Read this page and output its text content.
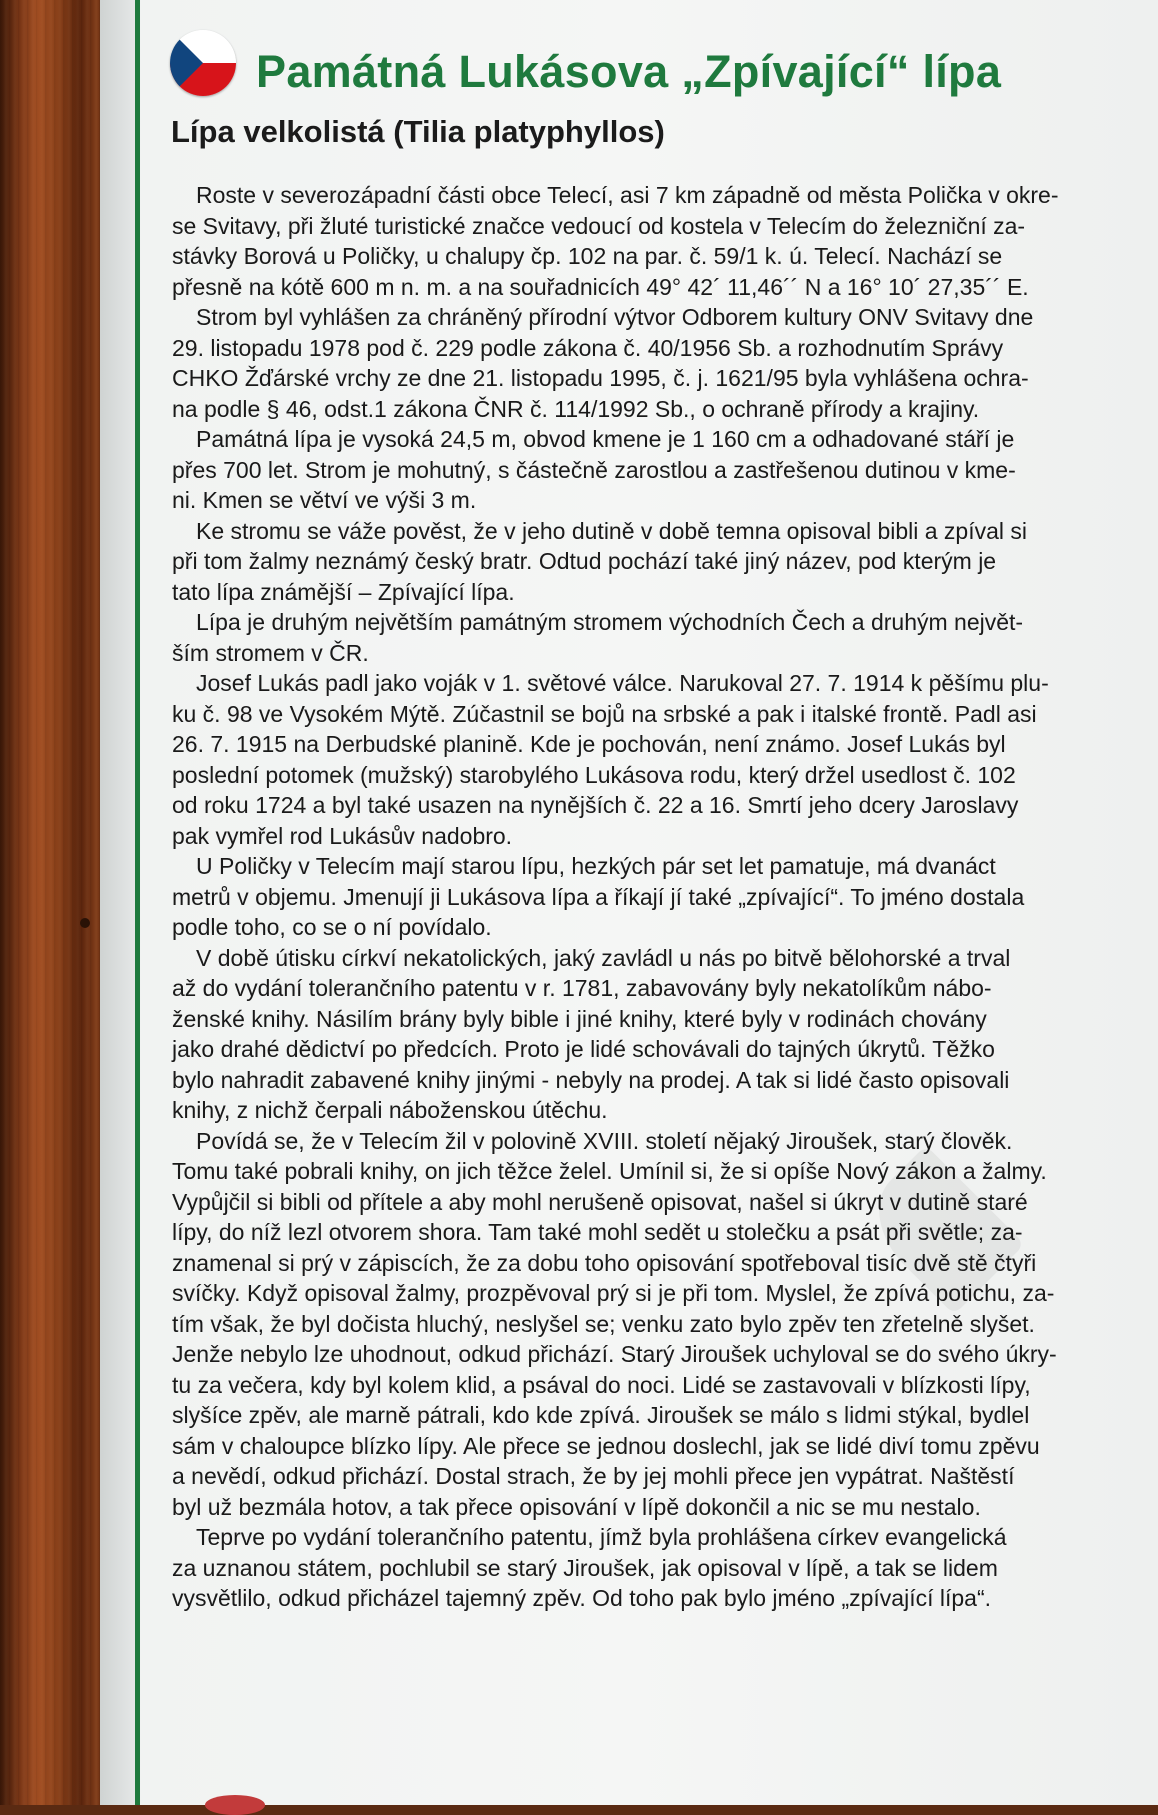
Památná Lukásova „Zpívající“ lípa
Lípa velkolistá (Tilia platyphyllos)
Roste v severozápadní části obce Telecí, asi 7 km západně od města Polička v okre-
se Svitavy, při žluté turistické značce vedoucí od kostela v Telecím do železniční za-
stávky Borová u Poličky, u chalupy čp. 102 na par. č. 59/1 k. ú. Telecí. Nachází se
přesně na kótě 600 m n. m. a na souřadnicích 49° 42´ 11,46´´ N a 16° 10´ 27,35´´ E.
Strom byl vyhlášen za chráněný přírodní výtvor Odborem kultury ONV Svitavy dne
29. listopadu 1978 pod č. 229 podle zákona č. 40/1956 Sb. a rozhodnutím Správy
CHKO Žďárské vrchy ze dne 21. listopadu 1995, č. j. 1621/95 byla vyhlášena ochra-
na podle § 46, odst.1 zákona ČNR č. 114/1992 Sb., o ochraně přírody a krajiny.
Památná lípa je vysoká 24,5 m, obvod kmene je 1 160 cm a odhadované stáří je
přes 700 let. Strom je mohutný, s částečně zarostlou a zastřešenou dutinou v kme-
ni. Kmen se větví ve výši 3 m.
Ke stromu se váže pověst, že v jeho dutině v době temna opisoval bibli a zpíval si
při tom žalmy neznámý český bratr. Odtud pochází také jiný název, pod kterým je
tato lípa známější – Zpívající lípa.
Lípa je druhým největším památným stromem východních Čech a druhým největ-
ším stromem v ČR.
Josef Lukás padl jako voják v 1. světové válce. Narukoval 27. 7. 1914 k pěšímu plu-
ku č. 98 ve Vysokém Mýtě. Zúčastnil se bojů na srbské a pak i italské frontě. Padl asi
26. 7. 1915 na Derbudské planině. Kde je pochován, není známo. Josef Lukás byl
poslední potomek (mužský) starobylého Lukásova rodu, který držel usedlost č. 102
od roku 1724 a byl také usazen na nynějších č. 22 a 16. Smrtí jeho dcery Jaroslavy
pak vymřel rod Lukásův nadobro.
U Poličky v Telecím mají starou lípu, hezkých pár set let pamatuje, má dvanáct
metrů v objemu. Jmenují ji Lukásova lípa a říkají jí také „zpívající“. To jméno dostala
podle toho, co se o ní povídalo.
V době útisku církví nekatolických, jaký zavládl u nás po bitvě bělohorské a trval
až do vydání tolerančního patentu v r. 1781, zabavovány byly nekatolíkům nábo-
ženské knihy. Násilím brány byly bible i jiné knihy, které byly v rodinách chovány
jako drahé dědictví po předcích. Proto je lidé schovávali do tajných úkrytů. Těžko
bylo nahradit zabavené knihy jinými - nebyly na prodej. A tak si lidé často opisovali
knihy, z nichž čerpali náboženskou útěchu.
Povídá se, že v Telecím žil v polovině XVIII. století nějaký Jiroušek, starý člověk.
Tomu také pobrali knihy, on jich těžce želel. Umínil si, že si opíše Nový zákon a žalmy.
Vypůjčil si bibli od přítele a aby mohl nerušeně opisovat, našel si úkryt v dutině staré
lípy, do níž lezl otvorem shora. Tam také mohl sedět u stolečku a psát při světle; za-
znamenal si prý v zápiscích, že za dobu toho opisování spotřeboval tisíc dvě stě čtyři
svíčky. Když opisoval žalmy, prozpěvoval prý si je při tom. Myslel, že zpívá potichu, za-
tím však, že byl dočista hluchý, neslyšel se; venku zato bylo zpěv ten zřetelně slyšet.
Jenže nebylo lze uhodnout, odkud přichází. Starý Jiroušek uchyloval se do svého úkry-
tu za večera, kdy byl kolem klid, a psával do noci. Lidé se zastavovali v blízkosti lípy,
slyšíce zpěv, ale marně pátrali, kdo kde zpívá. Jiroušek se málo s lidmi stýkal, bydlel
sám v chaloupce blízko lípy. Ale přece se jednou doslechl, jak se lidé diví tomu zpěvu
a nevědí, odkud přichází. Dostal strach, že by jej mohli přece jen vypátrat. Naštěstí
byl už bezmála hotov, a tak přece opisování v lípě dokončil a nic se mu nestalo.
Teprve po vydání tolerančního patentu, jímž byla prohlášena církev evangelická
za uznanou státem, pochlubil se starý Jiroušek, jak opisoval v lípě, a tak se lidem
vysvětlilo, odkud přicházel tajemný zpěv. Od toho pak bylo jméno „zpívající lípa“.
